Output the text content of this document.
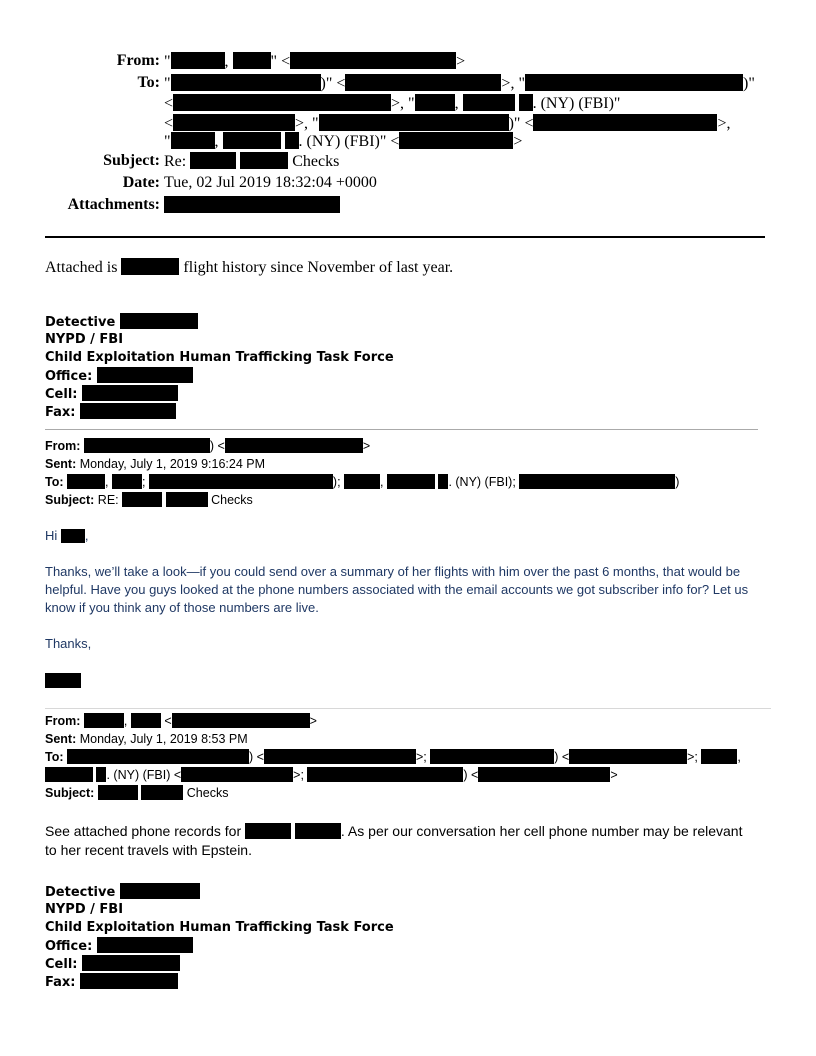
From: "	, " <	>
To: "	)" <	>, "	)"
<	>, "	,	. (NY) (FBI)"
<	>, "	)" <	>,
"	,	. (NY) (FBI)" <	>
Subject: Re:	Checks
Date: Tue, 02 Jul 2019 18:32:04 +0000
Attachments:
Attached is	flight history since November of last year.
Detective
NYPD / FBI
Child Exploitation Human Trafficking Task Force
Office:
Cell:
Fax:
From:	) <	>
Sent: Monday, July 1, 2019 9:16:24 PM
To:	, ;	);	,	. (NY) (FBI);	)
Subject: RE:	Checks
Hi ,
Thanks, we’ll take a look—if you could send over a summary of her flights with him over the past 6 months, that would be helpful. Have you guys looked at the phone numbers associated with the email accounts we got subscriber info for? Let us know if you think any of those numbers are live.
Thanks,
From:	,  <	>
Sent: Monday, July 1, 2019 8:53 PM
To:	) <	>;	) <	>;	,
. (NY) (FBI) <	>;	) <	>
Subject:	Checks
See attached phone records for	. As per our conversation her cell phone number may be relevant to her recent travels with Epstein.
Detective
NYPD / FBI
Child Exploitation Human Trafficking Task Force
Office:
Cell:
Fax:
